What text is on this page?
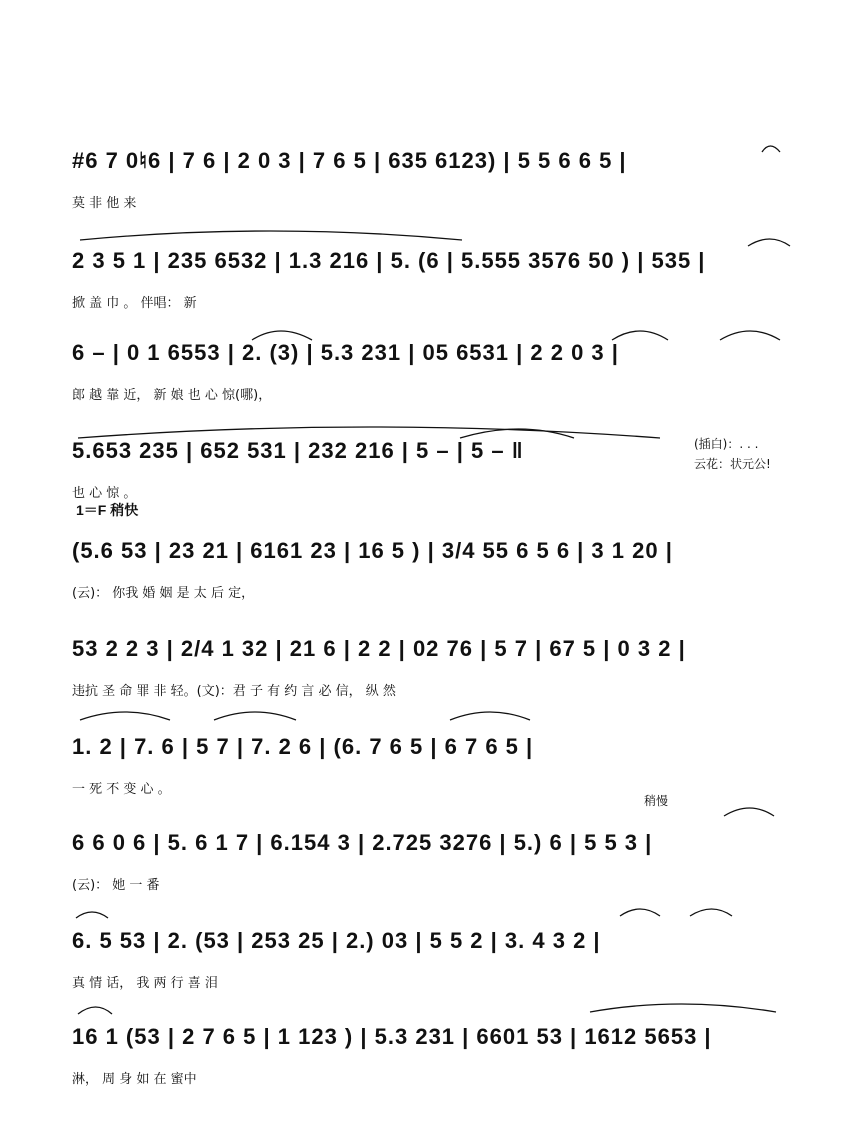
#6 7 0♮6 | 7 6 | 2 0 3 | 7 6 5 | 635 6123) | 5 5 6 6 5 |
莫 非 他 来
2 3 5 1 | 235 6532 | 1.3 216 | 5. (6 | 5.555 3576 50 ) | 535 |
掀 盖 巾 。 伴唱： 新
6 – | 0 1 6553 | 2. (3) | 5.3 231 | 05 6531 | 2 2 0 3 |
郎 越 靠 近， 新 娘 也 心 惊(哪)，
5.653 235 | 652 531 | 232 216 | 5 – | 5 – ‖
也 心 惊 。
(插白)：. . .
云花：状元公!
1＝F 稍快
(5.6 53 | 23 21 | 6161 23 | 16 5 ) | 3/4 55 6 5 6 | 3 1 20 |
(云)： 你我 婚 姻 是 太 后 定，
53 2 2 3 | 2/4 1 32 | 21 6 | 2 2 | 02 76 | 5 7 | 67 5 | 0 3 2 |
违抗 圣 命 罪 非 轻。(文)：君 子 有 约 言 必 信， 纵 然
1. 2 | 7. 6 | 5 7 | 7. 2 6 | (6. 7 6 5 | 6 7 6 5 |
一 死 不 变 心 。
稍慢
6 6 0 6 | 5. 6 1 7 | 6.154 3 | 2.725 3276 | 5.) 6 | 5 5 3 |
(云)： 她 一 番
6. 5 53 | 2. (53 | 253 25 | 2.) 03 | 5 5 2 | 3. 4 3 2 |
真 情 话， 我 两 行 喜 泪
16 1 (53 | 2 7 6 5 | 1 123 ) | 5.3 231 | 6601 53 | 1612 5653 |
淋， 周 身 如 在 蜜中
